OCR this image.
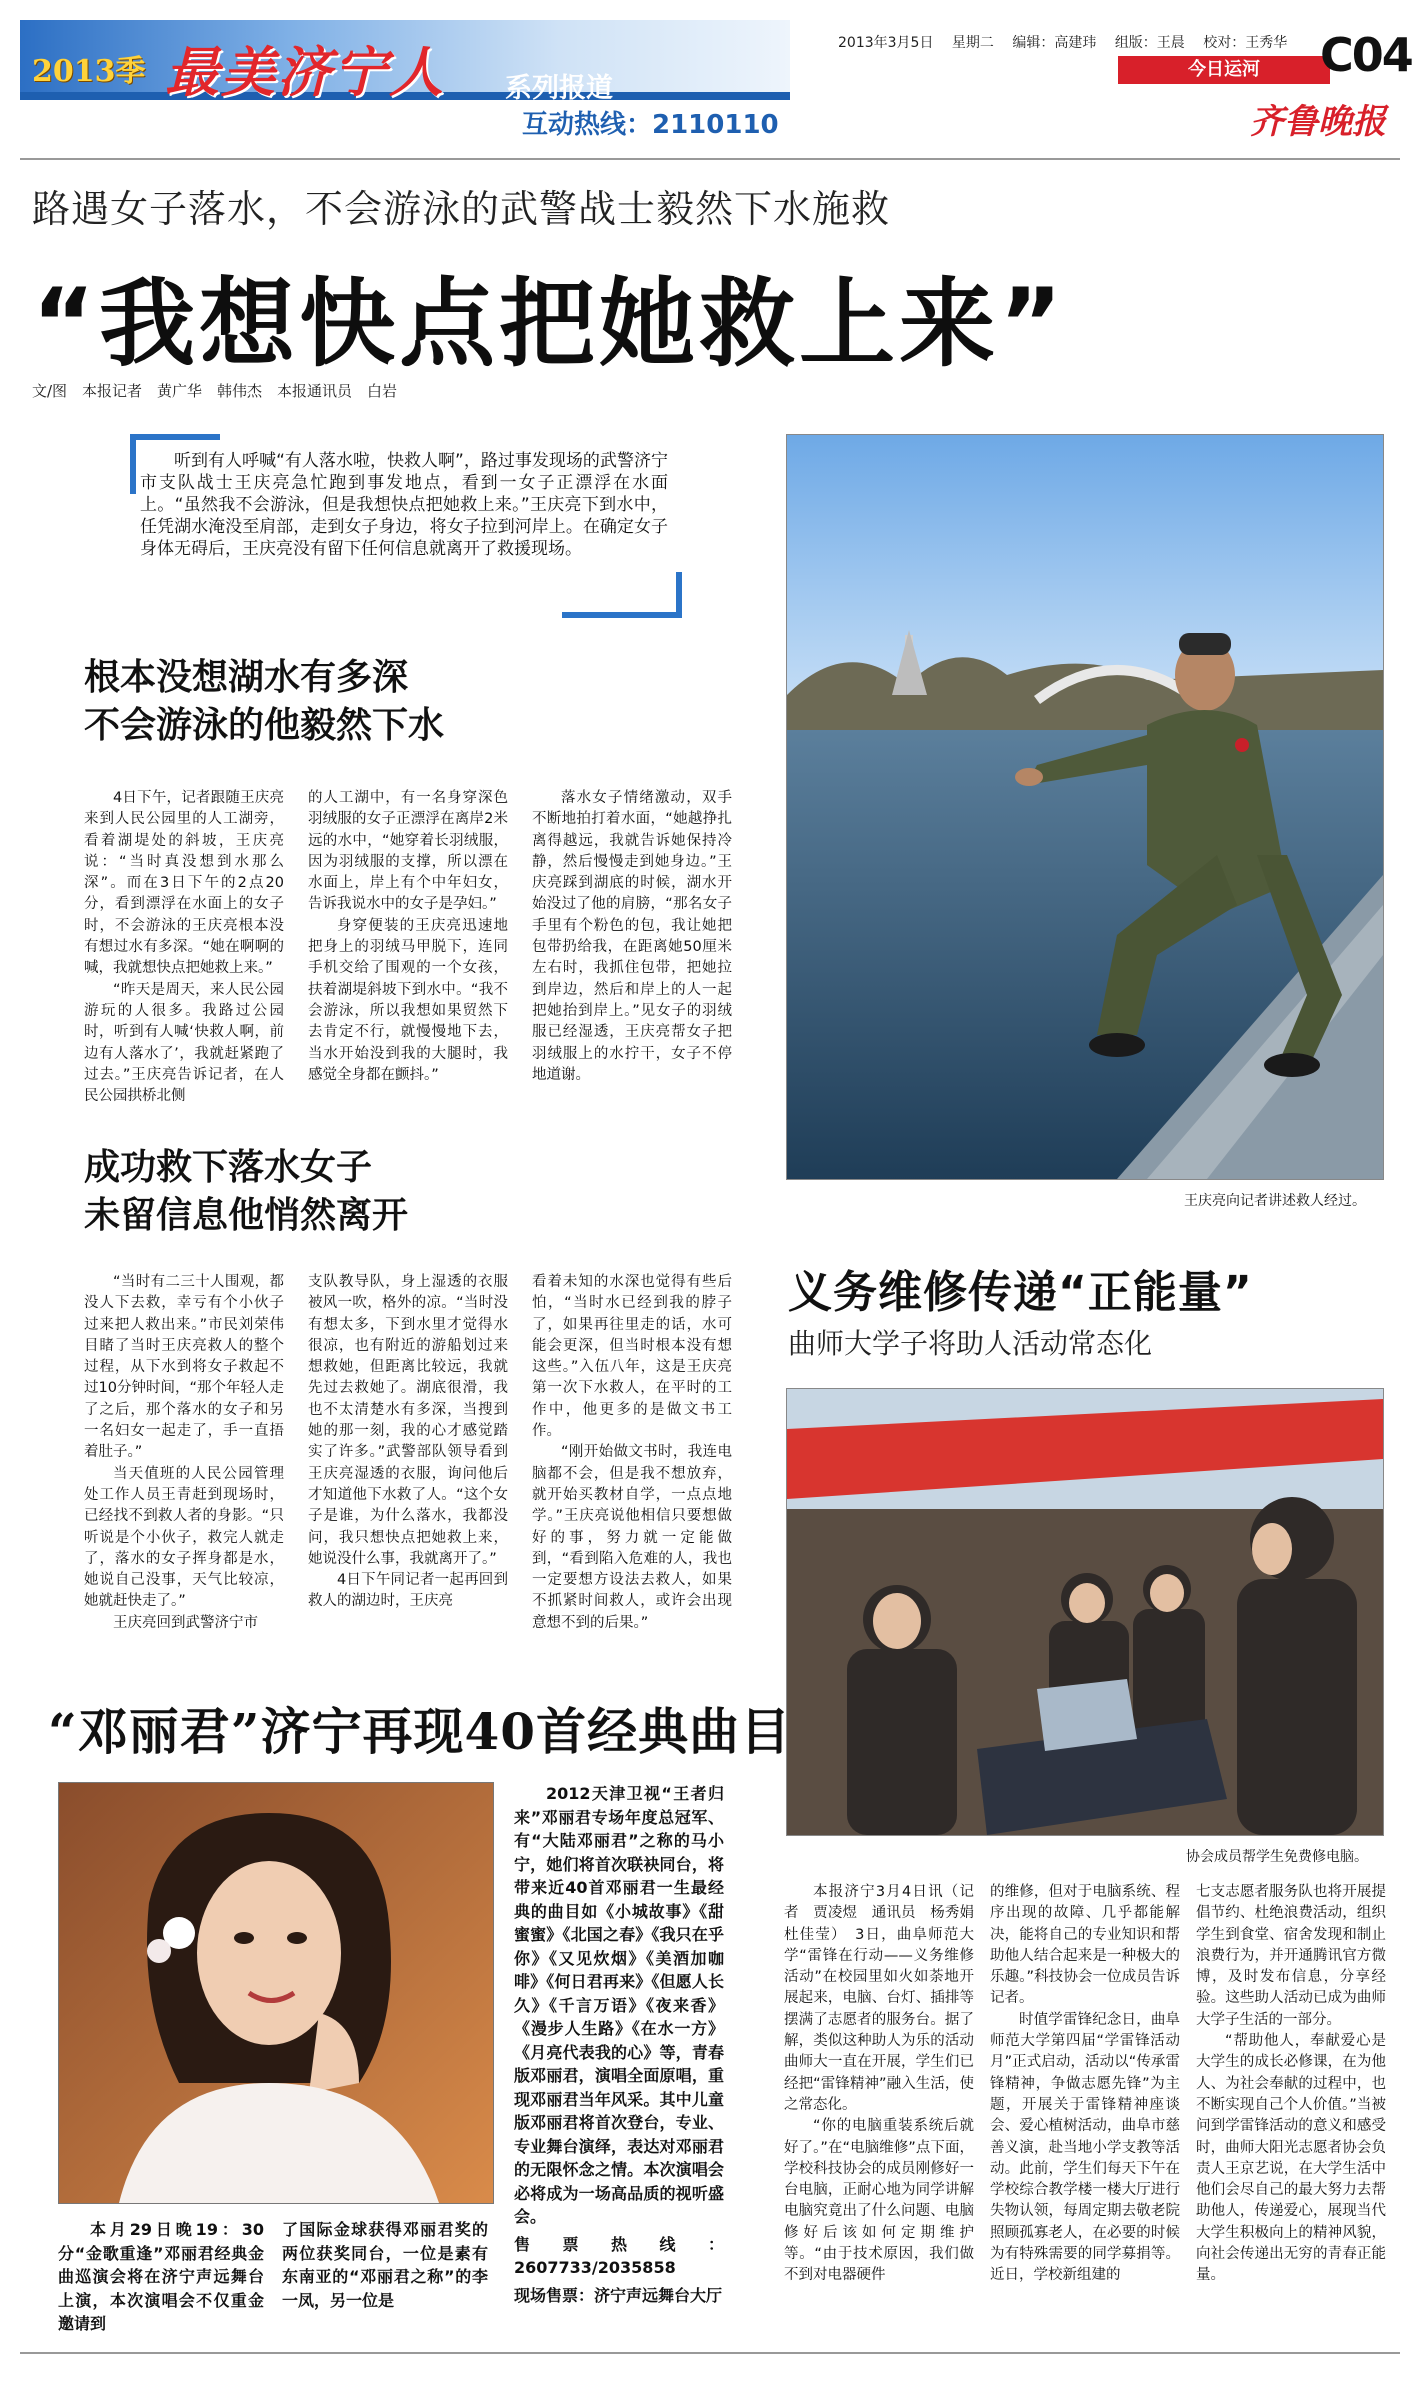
2013季 最美济宁人 系列报道
互动热线：2110110
2013年3月5日 星期二 编辑：高建玮 组版：王晨 校对：王秀华
今日运河	C04
齐鲁晚报
路遇女子落水，不会游泳的武警战士毅然下水施救
“我想快点把她救上来”
文/图　本报记者　黄广华　韩伟杰　本报通讯员　白岩
听到有人呼喊“有人落水啦，快救人啊”，路过事发现场的武警济宁市支队战士王庆亮急忙跑到事发地点，看到一女子正漂浮在水面上。“虽然我不会游泳，但是我想快点把她救上来。”王庆亮下到水中，任凭湖水淹没至肩部，走到女子身边，将女子拉到河岸上。在确定女子身体无碍后，王庆亮没有留下任何信息就离开了救援现场。
根本没想湖水有多深
不会游泳的他毅然下水

4日下午，记者跟随王庆亮来到人民公园里的人工湖旁，看着湖堤处的斜坡，王庆亮说：“当时真没想到水那么深”。而在3日下午的2点20分，看到漂浮在水面上的女子时，不会游泳的王庆亮根本没有想过水有多深。“她在啊啊的喊，我就想快点把她救上来。”

“昨天是周天，来人民公园游玩的人很多。我路过公园时，听到有人喊‘快救人啊，前边有人落水了’，我就赶紧跑了过去。”王庆亮告诉记者，在人民公园拱桥北侧

的人工湖中，有一名身穿深色羽绒服的女子正漂浮在离岸2米远的水中，“她穿着长羽绒服，因为羽绒服的支撑，所以漂在水面上，岸上有个中年妇女，告诉我说水中的女子是孕妇。”

身穿便装的王庆亮迅速地把身上的羽绒马甲脱下，连同手机交给了围观的一个女孩，扶着湖堤斜坡下到水中。“我不会游泳，所以我想如果贸然下去肯定不行，就慢慢地下去，当水开始没到我的大腿时，我感觉全身都在颤抖。”

落水女子情绪激动，双手不断地拍打着水面，“她越挣扎离得越远，我就告诉她保持冷静，然后慢慢走到她身边。”王庆亮踩到湖底的时候，湖水开始没过了他的肩膀，“那名女子手里有个粉色的包，我让她把包带扔给我，在距离她50厘米左右时，我抓住包带，把她拉到岸边，然后和岸上的人一起把她抬到岸上。”见女子的羽绒服已经湿透，王庆亮帮女子把羽绒服上的水拧干，女子不停地道谢。

王庆亮向记者讲述救人经过。
成功救下落水女子
未留信息他悄然离开

“当时有二三十人围观，都没人下去救，幸亏有个小伙子过来把人救出来。”市民刘荣伟目睹了当时王庆亮救人的整个过程，从下水到将女子救起不过10分钟时间，“那个年轻人走了之后，那个落水的女子和另一名妇女一起走了，手一直捂着肚子。”

当天值班的人民公园管理处工作人员王青赶到现场时，已经找不到救人者的身影。“只听说是个小伙子，救完人就走了，落水的女子挥身都是水，她说自己没事，天气比较凉，她就赶快走了。”

王庆亮回到武警济宁市

支队教导队，身上湿透的衣服被风一吹，格外的凉。“当时没有想太多，下到水里才觉得水很凉，也有附近的游船划过来想救她，但距离比较远，我就先过去救她了。湖底很滑，我也不太清楚水有多深，当搜到她的那一刻，我的心才感觉踏实了许多。”武警部队领导看到王庆亮湿透的衣服，询问他后才知道他下水救了人。“这个女子是谁，为什么落水，我都没问，我只想快点把她救上来，她说没什么事，我就离开了。”

4日下午同记者一起再回到救人的湖边时，王庆亮

看着未知的水深也觉得有些后怕，“当时水已经到我的脖子了，如果再往里走的话，水可能会更深，但当时根本没有想这些。”入伍八年，这是王庆亮第一次下水救人，在平时的工作中，他更多的是做文书工作。

“刚开始做文书时，我连电脑都不会，但是我不想放弃，就开始买教材自学，一点点地学。”王庆亮说他相信只要想做好的事，努力就一定能做到，“看到陷入危难的人，我也一定要想方设法去救人，如果不抓紧时间救人，或许会出现意想不到的后果。”

义务维修传递“正能量”
曲师大学子将助人活动常态化
协会成员帮学生免费修电脑。

本报济宁3月4日讯（记者　贾凌煜　通讯员　杨秀娟　杜佳莹）　3日，曲阜师范大学“雷锋在行动——义务维修活动”在校园里如火如荼地开展起来，电脑、台灯、插排等摆满了志愿者的服务台。据了解，类似这种助人为乐的活动曲师大一直在开展，学生们已经把“雷锋精神”融入生活，使之常态化。

“你的电脑重装系统后就好了。”在“电脑维修”点下面，学校科技协会的成员刚修好一台电脑，正耐心地为同学讲解电脑究竟出了什么问题、电脑修好后该如何定期维护等。“由于技术原因，我们做不到对电器硬件

的维修，但对于电脑系统、程序出现的故障、几乎都能解决，能将自己的专业知识和帮助他人结合起来是一种极大的乐趣。”科技协会一位成员告诉记者。

时值学雷锋纪念日，曲阜师范大学第四届“学雷锋活动月”正式启动，活动以“传承雷锋精神，争做志愿先锋”为主题，开展关于雷锋精神座谈会、爱心植树活动，曲阜市慈善义演，赴当地小学支教等活动。此前，学生们每天下午在学校综合教学楼一楼大厅进行失物认领，每周定期去敬老院照顾孤寡老人，在必要的时候为有特殊需要的同学募捐等。近日，学校新组建的

七支志愿者服务队也将开展提倡节约、杜绝浪费活动，组织学生到食堂、宿舍发现和制止浪费行为，并开通腾讯官方微博，及时发布信息，分享经验。这些助人活动已成为曲师大学子生活的一部分。

“帮助他人，奉献爱心是大学生的成长必修课，在为他人、为社会奉献的过程中，也不断实现自己个人价值。”当被问到学雷锋活动的意义和感受时，曲师大阳光志愿者协会负责人王京艺说，在大学生活中他们会尽自己的最大努力去帮助他人，传递爱心，展现当代大学生积极向上的精神风貌，向社会传递出无穷的青春正能量。

“邓丽君”济宁再现40首经典曲目

2012天津卫视“王者归来”邓丽君专场年度总冠军、有“大陆邓丽君”之称的马小宁，她们将首次联袂同台，将带来近40首邓丽君一生最经典的曲目如《小城故事》《甜蜜蜜》《北国之春》《我只在乎你》《又见炊烟》《美酒加咖啡》《何日君再来》《但愿人长久》《千言万语》《夜来香》《漫步人生路》《在水一方》《月亮代表我的心》等，青春版邓丽君，演唱全面原唱，重现邓丽君当年风采。其中儿童版邓丽君将首次登台，专业、专业舞台演绎，表达对邓丽君的无限怀念之情。本次演唱会必将成为一场高品质的视听盛会。

售票热线：2607733/2035858

现场售票：济宁声远舞台大厅

本月29日晚19：30分“金歌重逢”邓丽君经典金曲巡演会将在济宁声远舞台上演，本次演唱会不仅重金邀请到

了国际金球获得邓丽君奖的两位获奖同台，一位是素有东南亚的“邓丽君之称”的李一凤，另一位是
